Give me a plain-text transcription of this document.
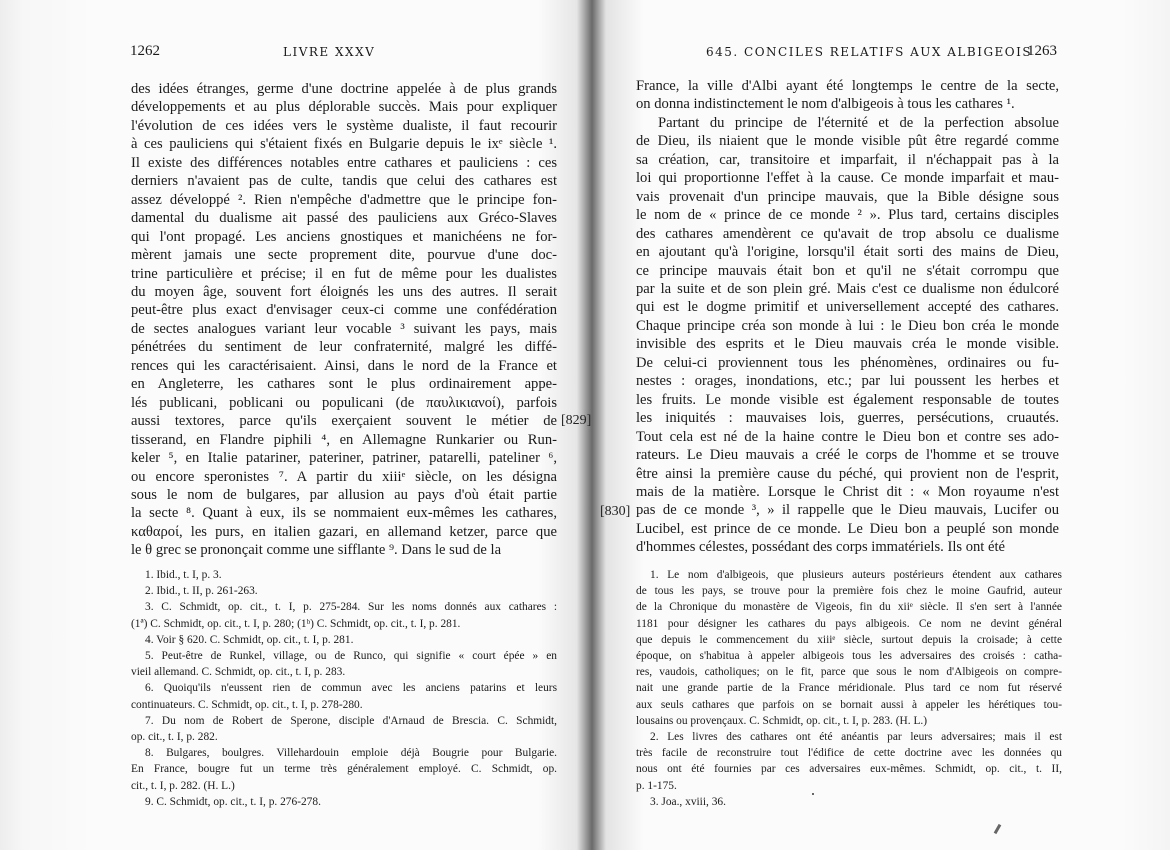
1262	LIVRE XXXV
des idées étranges, germe d'une doctrine appelée à de plus grands
développements et au plus déplorable succès. Mais pour expliquer
l'évolution de ces idées vers le système dualiste, il faut recourir
à ces pauliciens qui s'étaient fixés en Bulgarie depuis le ixᵉ siècle ¹.
Il existe des différences notables entre cathares et pauliciens : ces
derniers n'avaient pas de culte, tandis que celui des cathares est
assez développé ². Rien n'empêche d'admettre que le principe fon-
damental du dualisme ait passé des pauliciens aux Gréco-Slaves
qui l'ont propagé. Les anciens gnostiques et manichéens ne for-
mèrent jamais une secte proprement dite, pourvue d'une doc-
trine particulière et précise; il en fut de même pour les dualistes
du moyen âge, souvent fort éloignés les uns des autres. Il serait
peut-être plus exact d'envisager ceux-ci comme une confédération
de sectes analogues variant leur vocable ³ suivant les pays, mais
pénétrées du sentiment de leur confraternité, malgré les diffé-
rences qui les caractérisaient. Ainsi, dans le nord de la France et
en Angleterre, les cathares sont le plus ordinairement appe-
lés publicani, poblicani ou populicani (de παυλικιανοί), parfois
aussi textores, parce qu'ils exerçaient souvent le métier de
tisserand, en Flandre piphili ⁴, en Allemagne Runkarier ou Run-
keler ⁵, en Italie patariner, pateriner, patriner, patarelli, pateliner ⁶,
ou encore speronistes ⁷. A partir du xiiiᵉ siècle, on les désigna
sous le nom de bulgares, par allusion au pays d'où était partie
la secte ⁸. Quant à eux, ils se nommaient eux-mêmes les cathares,
καθαροί, les purs, en italien gazari, en allemand ketzer, parce que
le θ grec se prononçait comme une sifflante ⁹. Dans le sud de la
1. Ibid., t. I, p. 3.
2. Ibid., t. II, p. 261-263.
3. C. Schmidt, op. cit., t. I, p. 275-284. Sur les noms donnés aux cathares :
(1ª) C. Schmidt, op. cit., t. I, p. 280; (1ᵇ) C. Schmidt, op. cit., t. I, p. 281.
4. Voir § 620. C. Schmidt, op. cit., t. I, p. 281.
5. Peut-être de Runkel, village, ou de Runco, qui signifie « court épée » en
vieil allemand. C. Schmidt, op. cit., t. I, p. 283.
6. Quoiqu'ils n'eussent rien de commun avec les anciens patarins et leurs
continuateurs. C. Schmidt, op. cit., t. I, p. 278-280.
7. Du nom de Robert de Sperone, disciple d'Arnaud de Brescia. C. Schmidt,
op. cit., t. I, p. 282.
8. Bulgares, boulgres. Villehardouin emploie déjà Bougrie pour Bulgarie.
En France, bougre fut un terme très généralement employé. C. Schmidt, op.
cit., t. I, p. 282. (H. L.)
9. C. Schmidt, op. cit., t. I, p. 276-278.
645. CONCILES RELATIFS AUX ALBIGEOIS
1263
France, la ville d'Albi ayant été longtemps le centre de la secte,
on donna indistinctement le nom d'albigeois à tous les cathares ¹.
Partant du principe de l'éternité et de la perfection absolue
de Dieu, ils niaient que le monde visible pût être regardé comme
sa création, car, transitoire et imparfait, il n'échappait pas à la
loi qui proportionne l'effet à la cause. Ce monde imparfait et mau-
vais provenait d'un principe mauvais, que la Bible désigne sous
le nom de « prince de ce monde ² ». Plus tard, certains disciples
des cathares amendèrent ce qu'avait de trop absolu ce dualisme
en ajoutant qu'à l'origine, lorsqu'il était sorti des mains de Dieu,
ce principe mauvais était bon et qu'il ne s'était corrompu que
par la suite et de son plein gré. Mais c'est ce dualisme non édulcoré
qui est le dogme primitif et universellement accepté des cathares.
Chaque principe créa son monde à lui : le Dieu bon créa le monde
invisible des esprits et le Dieu mauvais créa le monde visible.
De celui-ci proviennent tous les phénomènes, ordinaires ou fu-
nestes : orages, inondations, etc.; par lui poussent les herbes et
les fruits. Le monde visible est également responsable de toutes
les iniquités : mauvaises lois, guerres, persécutions, cruautés.
Tout cela est né de la haine contre le Dieu bon et contre ses ado-
rateurs. Le Dieu mauvais a créé le corps de l'homme et se trouve
être ainsi la première cause du péché, qui provient non de l'esprit,
mais de la matière. Lorsque le Christ dit : « Mon royaume n'est
pas de ce monde ³, » il rappelle que le Dieu mauvais, Lucifer ou
Lucibel, est prince de ce monde. Le Dieu bon a peuplé son monde
d'hommes célestes, possédant des corps immatériels. Ils ont été
1. Le nom d'albigeois, que plusieurs auteurs postérieurs étendent aux cathares
de tous les pays, se trouve pour la première fois chez le moine Gaufrid, auteur
de la Chronique du monastère de Vigeois, fin du xiiᵉ siècle. Il s'en sert à l'année
1181 pour désigner les cathares du pays albigeois. Ce nom ne devint général
que depuis le commencement du xiiiᵉ siècle, surtout depuis la croisade; à cette
époque, on s'habitua à appeler albigeois tous les adversaires des croisés : catha-
res, vaudois, catholiques; on le fit, parce que sous le nom d'Albigeois on compre-
nait une grande partie de la France méridionale. Plus tard ce nom fut réservé
aux seuls cathares que parfois on se bornait aussi à appeler les hérétiques tou-
lousains ou provençaux. C. Schmidt, op. cit., t. I, p. 283. (H. L.)
2. Les livres des cathares ont été anéantis par leurs adversaires; mais il est
très facile de reconstruire tout l'édifice de cette doctrine avec les données qu
nous ont été fournies par ces adversaires eux-mêmes. Schmidt, op. cit., t. II,
p. 1-175.
3. Joa., xviii, 36.
[829]
[830]
